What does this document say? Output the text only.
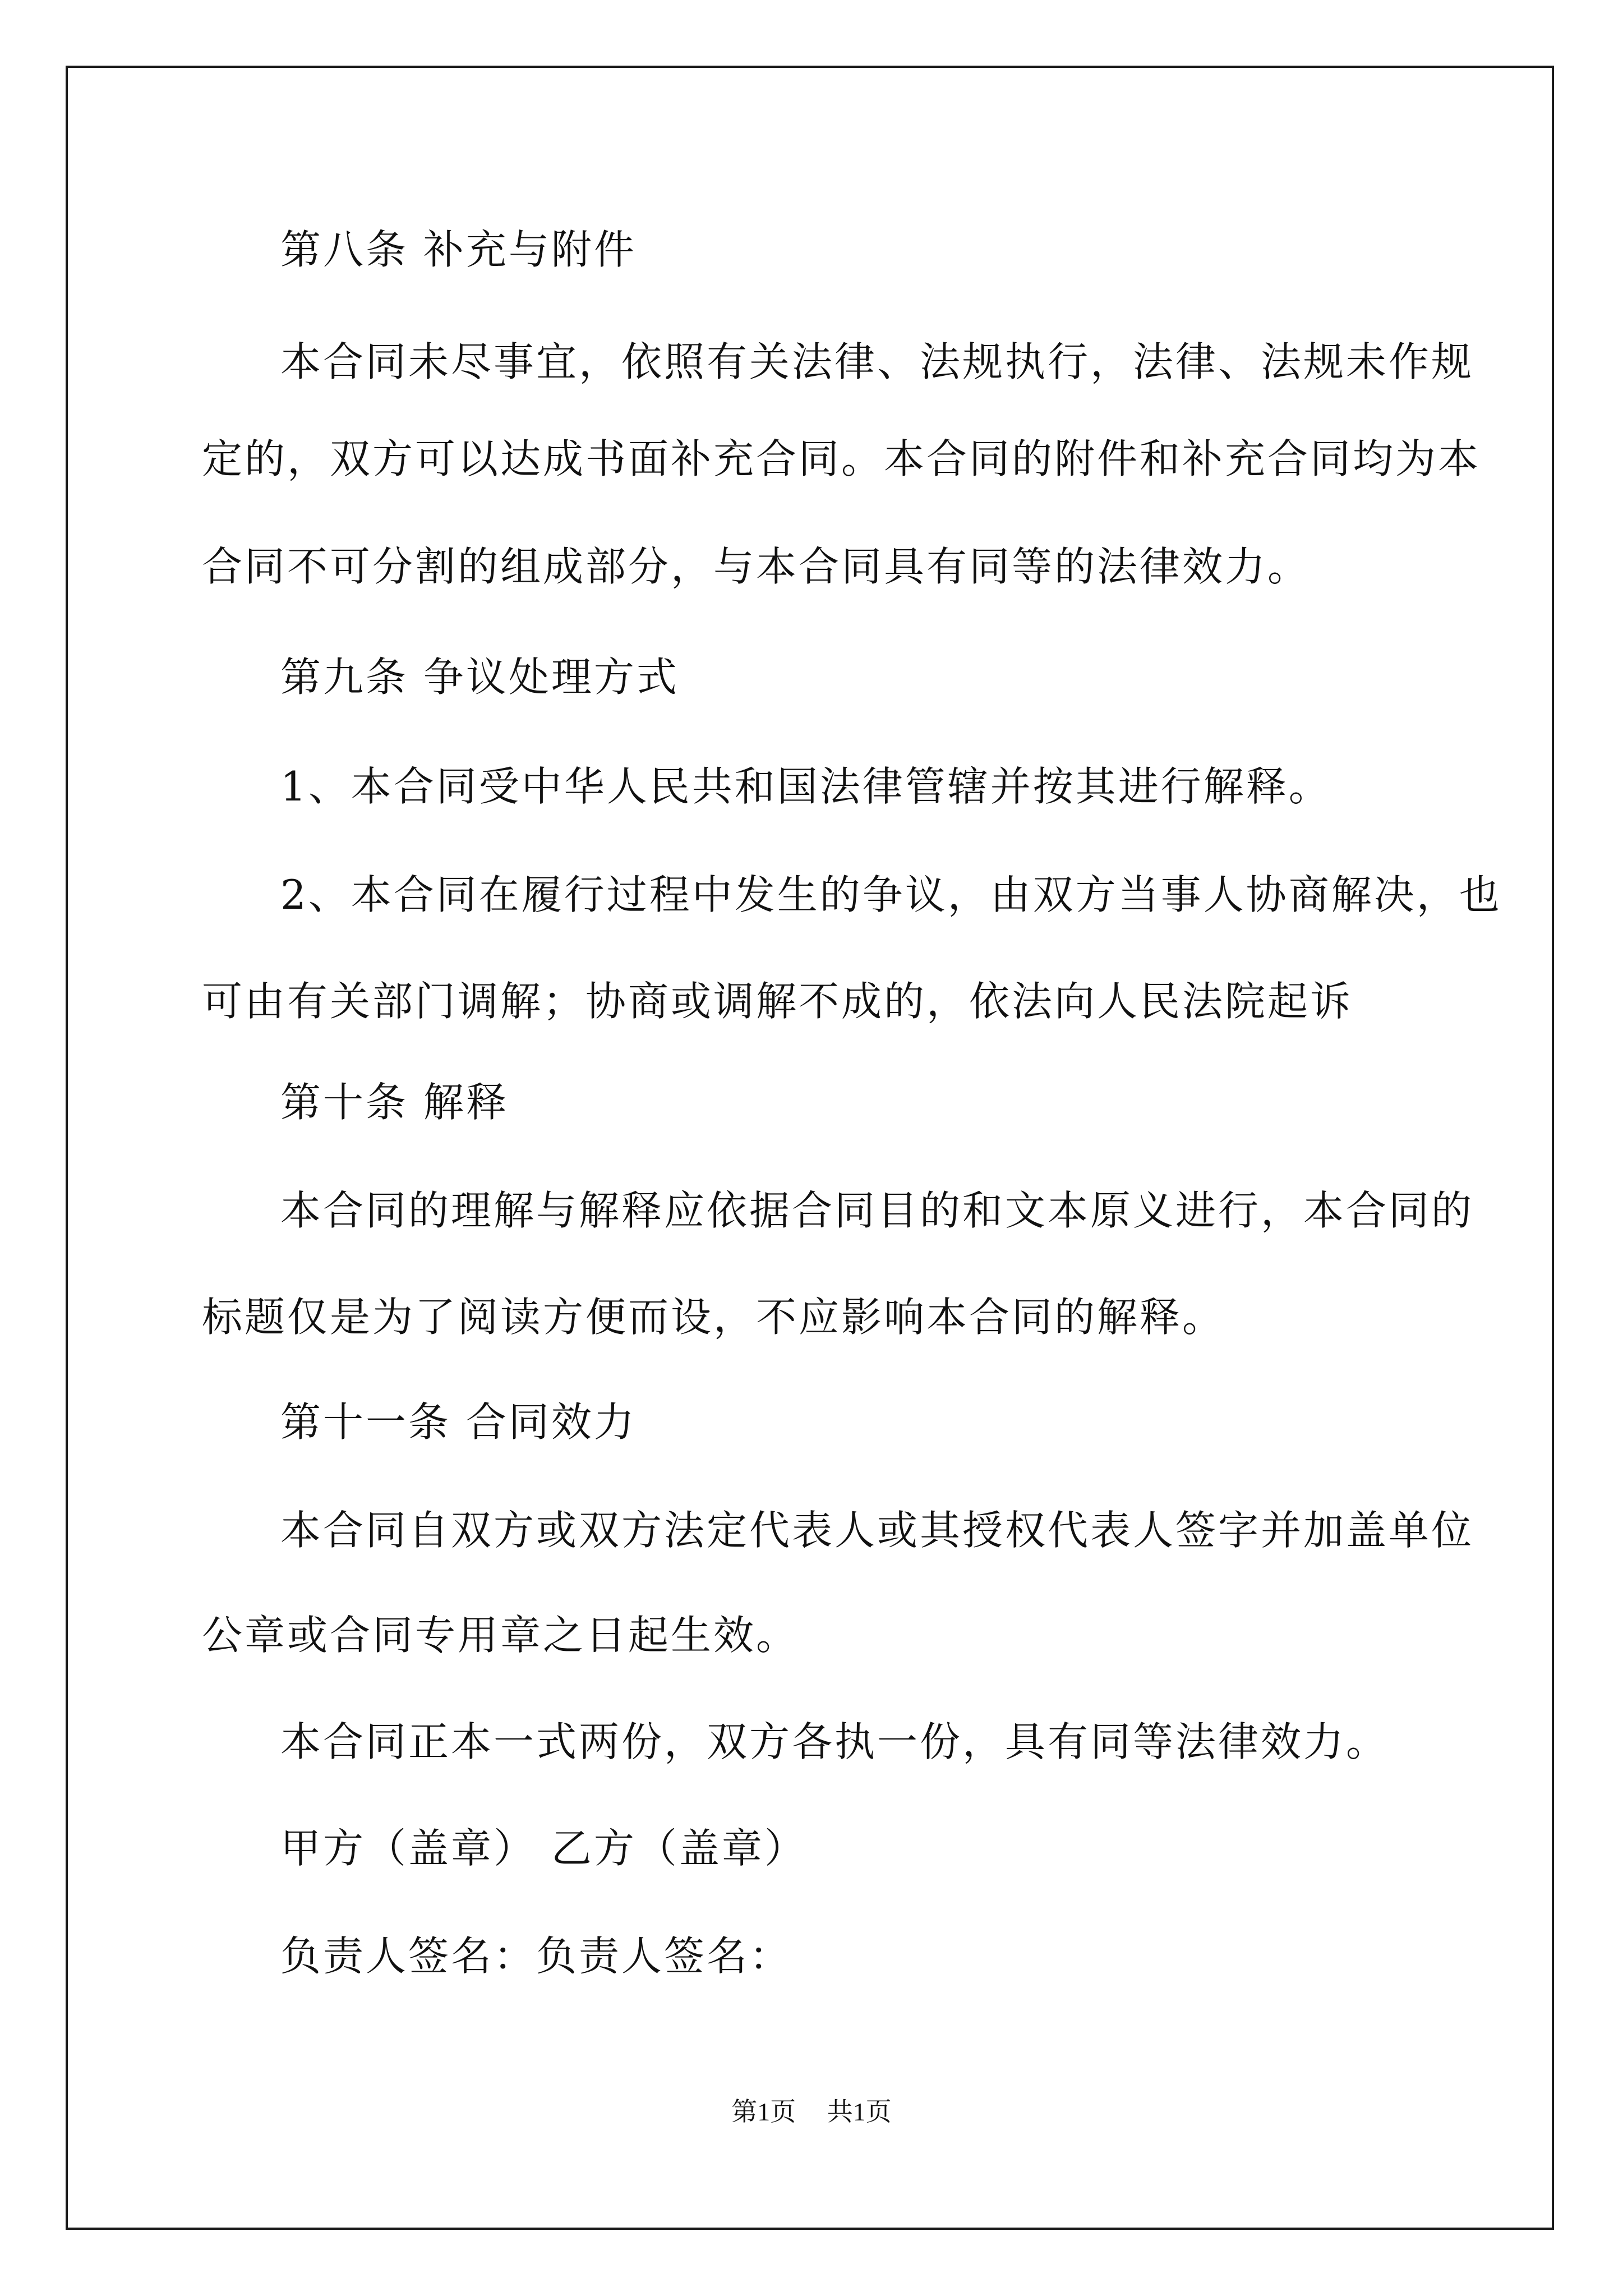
第八条 补充与附件
本合同未尽事宜，依照有关法律、法规执行，法律、法规未作规
定的，双方可以达成书面补充合同。本合同的附件和补充合同均为本
合同不可分割的组成部分，与本合同具有同等的法律效力。
第九条 争议处理方式
1、本合同受中华人民共和国法律管辖并按其进行解释。
2、本合同在履行过程中发生的争议，由双方当事人协商解决，也
可由有关部门调解；协商或调解不成的，依法向人民法院起诉
第十条 解释
本合同的理解与解释应依据合同目的和文本原义进行，本合同的
标题仅是为了阅读方便而设，不应影响本合同的解释。
第十一条 合同效力
本合同自双方或双方法定代表人或其授权代表人签字并加盖单位
公章或合同专用章之日起生效。
本合同正本一式两份，双方各执一份，具有同等法律效力。
甲方（盖章） 乙方（盖章）
负责人签名：负责人签名：
第1页 共1页
